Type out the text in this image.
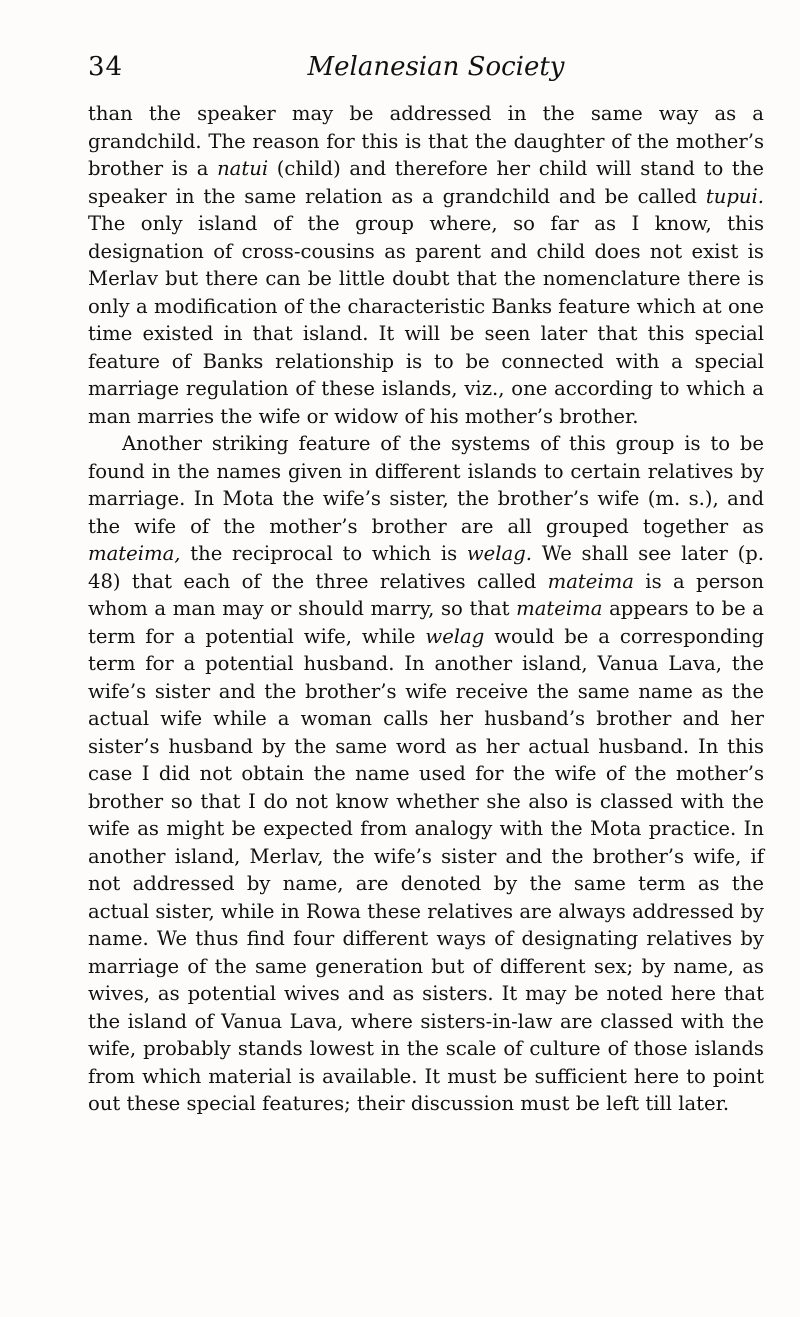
34	Melanesian Society

than the speaker may be addressed in the same way as a grandchild. The reason for this is that the daughter of the mother’s brother is a natui (child) and therefore her child will stand to the speaker in the same relation as a grandchild and be called tupui. The only island of the group where, so far as I know, this designation of cross-cousins as parent and child does not exist is Merlav but there can be little doubt that the nomenclature there is only a modification of the characteristic Banks feature which at one time existed in that island. It will be seen later that this special feature of Banks relationship is to be connected with a special marriage regulation of these islands, viz., one according to which a man marries the wife or widow of his mother’s brother.

Another striking feature of the systems of this group is to be found in the names given in different islands to certain relatives by marriage. In Mota the wife’s sister, the brother’s wife (m. s.), and the wife of the mother’s brother are all grouped together as mateima, the reciprocal to which is welag. We shall see later (p. 48) that each of the three relatives called mateima is a person whom a man may or should marry, so that mateima appears to be a term for a potential wife, while welag would be a corresponding term for a potential husband. In another island, Vanua Lava, the wife’s sister and the brother’s wife receive the same name as the actual wife while a woman calls her husband’s brother and her sister’s husband by the same word as her actual husband. In this case I did not obtain the name used for the wife of the mother’s brother so that I do not know whether she also is classed with the wife as might be expected from analogy with the Mota practice. In another island, Merlav, the wife’s sister and the brother’s wife, if not addressed by name, are denoted by the same term as the actual sister, while in Rowa these relatives are always addressed by name. We thus find four different ways of designating relatives by marriage of the same generation but of different sex; by name, as wives, as potential wives and as sisters. It may be noted here that the island of Vanua Lava, where sisters-in-law are classed with the wife, probably stands lowest in the scale of culture of those islands from which material is available. It must be sufficient here to point out these special features; their discussion must be left till later.
